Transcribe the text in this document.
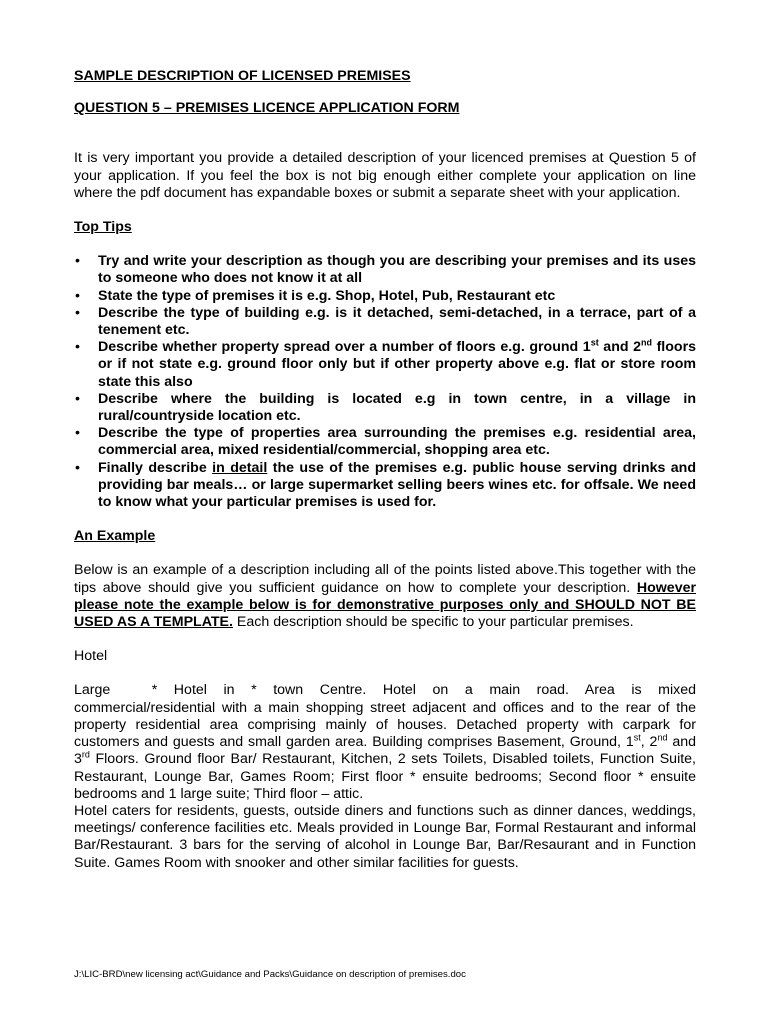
SAMPLE DESCRIPTION OF LICENSED PREMISES
QUESTION 5 – PREMISES LICENCE APPLICATION FORM

It is very important you provide a detailed description of your licenced premises at Question 5 of your application. If you feel the box is not big enough either complete your application on line where the pdf document has expandable boxes or submit a separate sheet with your application.

Top Tips
• Try and write your description as though you are describing your premises and its uses to someone who does not know it at all
• State the type of premises it is e.g. Shop, Hotel, Pub, Restaurant etc
• Describe the type of building e.g. is it detached, semi-detached, in a terrace, part of a tenement etc.
• Describe whether property spread over a number of floors e.g. ground 1st and 2nd floors or if not state e.g. ground floor only but if other property above e.g. flat or store room state this also
• Describe where the building is located e.g in town centre, in a village in rural/countryside location etc.
• Describe the type of properties area surrounding the premises e.g. residential area, commercial area, mixed residential/commercial, shopping area etc.
• Finally describe in detail the use of the premises e.g. public house serving drinks and providing bar meals… or large supermarket selling beers wines etc. for offsale. We need to know what your particular premises is used for.
An Example

Below is an example of a description including all of the points listed above.This together with the tips above should give you sufficient guidance on how to complete your description. However please note the example below is for demonstrative purposes only and SHOULD NOT BE USED AS A TEMPLATE. Each description should be specific to your particular premises.

Hotel

Large     *  Hotel  in  *  town  Centre.  Hotel  on  a  main  road.  Area  is  mixed commercial/residential with a main shopping street adjacent and offices and to the rear of the property residential area comprising mainly of houses. Detached property with carpark for customers and guests and small garden area. Building comprises Basement, Ground, 1st, 2nd and 3rd Floors. Ground floor Bar/ Restaurant, Kitchen, 2 sets Toilets, Disabled toilets, Function Suite, Restaurant, Lounge Bar, Games Room; First floor * ensuite bedrooms; Second floor * ensuite bedrooms and 1 large suite; Third floor – attic.

Hotel caters for residents, guests, outside diners and functions such as dinner dances, weddings, meetings/ conference facilities etc. Meals provided in Lounge Bar, Formal Restaurant and informal Bar/Restaurant. 3 bars for the serving of alcohol in Lounge Bar, Bar/Resaurant and in Function Suite. Games Room with snooker and other similar facilities for guests.

J:\LIC-BRD\new licensing act\Guidance and Packs\Guidance on description of premises.doc
